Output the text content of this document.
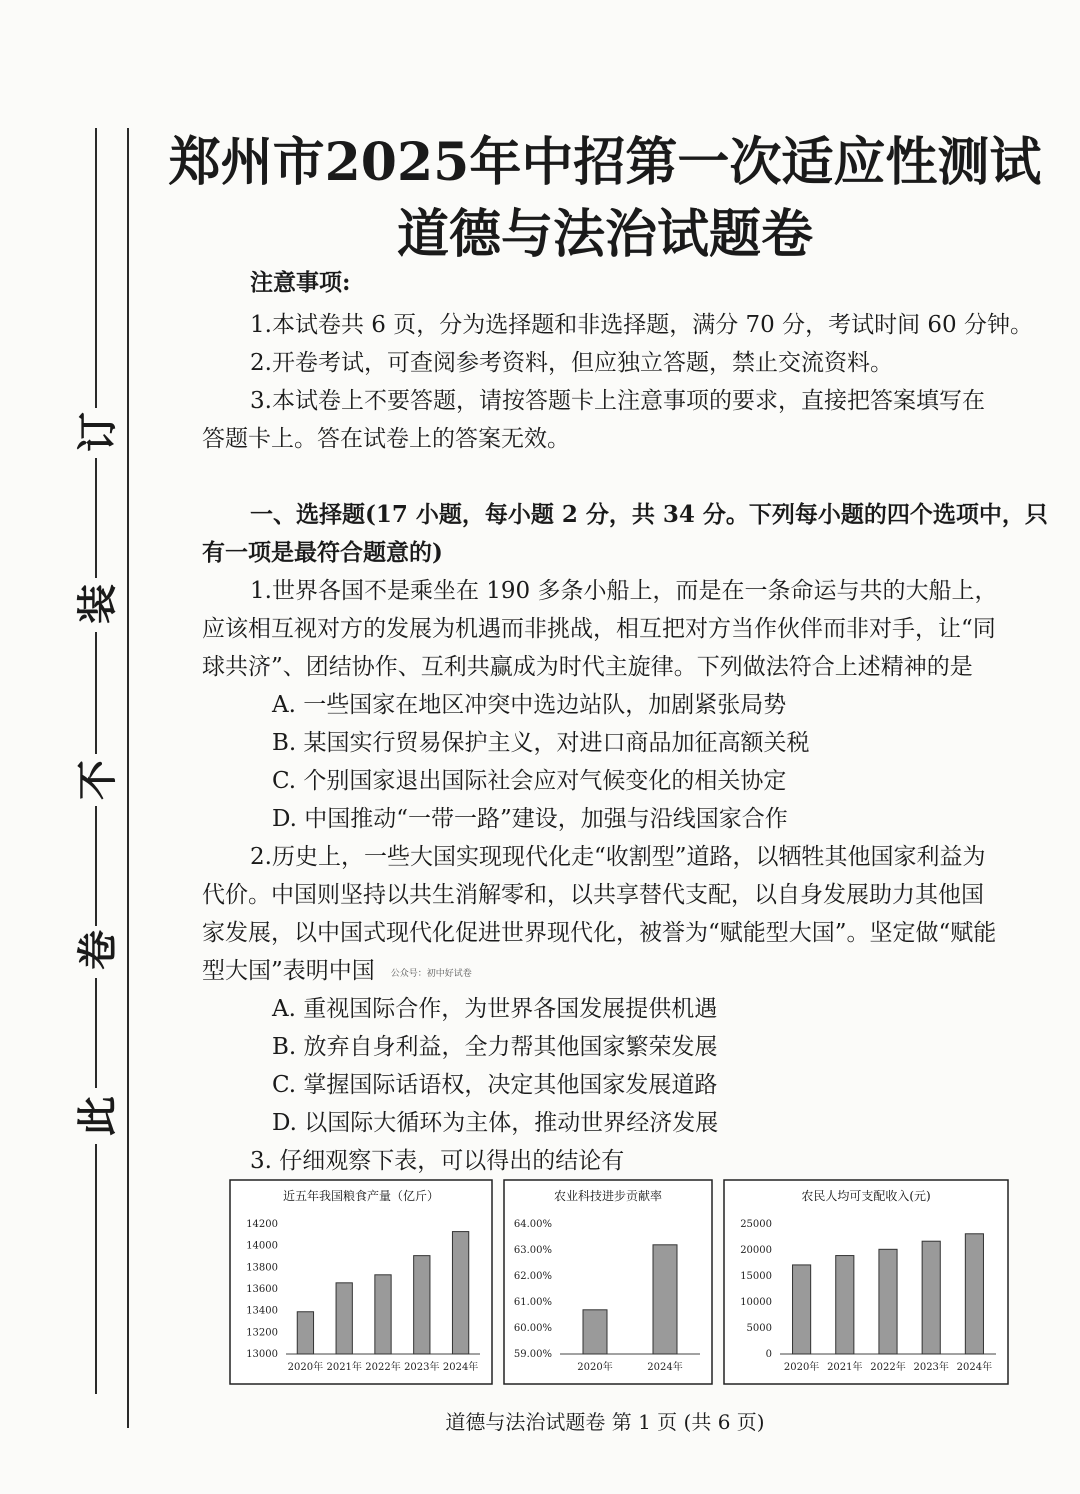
订
装
不
卷
此
郑州市2025年中招第一次适应性测试
道德与法治试题卷
注意事项:
1.本试卷共 6 页，分为选择题和非选择题，满分 70 分，考试时间 60 分钟。
2.开卷考试，可查阅参考资料，但应独立答题，禁止交流资料。
3.本试卷上不要答题，请按答题卡上注意事项的要求，直接把答案填写在
答题卡上。答在试卷上的答案无效。
一、选择题(17 小题，每小题 2 分，共 34 分。下列每小题的四个选项中，只
有一项是最符合题意的)
1.世界各国不是乘坐在 190 多条小船上，而是在一条命运与共的大船上，
应该相互视对方的发展为机遇而非挑战，相互把对方当作伙伴而非对手，让“同
球共济”、团结协作、互利共赢成为时代主旋律。下列做法符合上述精神的是
A. 一些国家在地区冲突中选边站队，加剧紧张局势
B. 某国实行贸易保护主义，对进口商品加征高额关税
C. 个别国家退出国际社会应对气候变化的相关协定
D. 中国推动“一带一路”建设，加强与沿线国家合作
2.历史上，一些大国实现现代化走“收割型”道路，以牺牲其他国家利益为
代价。中国则坚持以共生消解零和，以共享替代支配，以自身发展助力其他国
家发展，以中国式现代化促进世界现代化，被誉为“赋能型大国”。坚定做“赋能
型大国”表明中国 公众号：初中好试卷
A. 重视国际合作，为世界各国发展提供机遇
B. 放弃自身利益，全力帮其他国家繁荣发展
C. 掌握国际话语权，决定其他国家发展道路
D. 以国际大循环为主体，推动世界经济发展
3. 仔细观察下表，可以得出的结论有
近五年我国粮食产量（亿斤）
13000
13200
13400
13600
13800
14000
14200
2020年 2021年 2022年 2023年 2024年
农业科技进步贡献率
59.00%
60.00%
61.00%
62.00%
63.00%
64.00%
2020年	2024年
农民人均可支配收入(元)
0
5000
10000
15000
20000
25000
2020年 2021年 2022年 2023年 2024年
道德与法治试题卷 第 1 页 (共 6 页)
